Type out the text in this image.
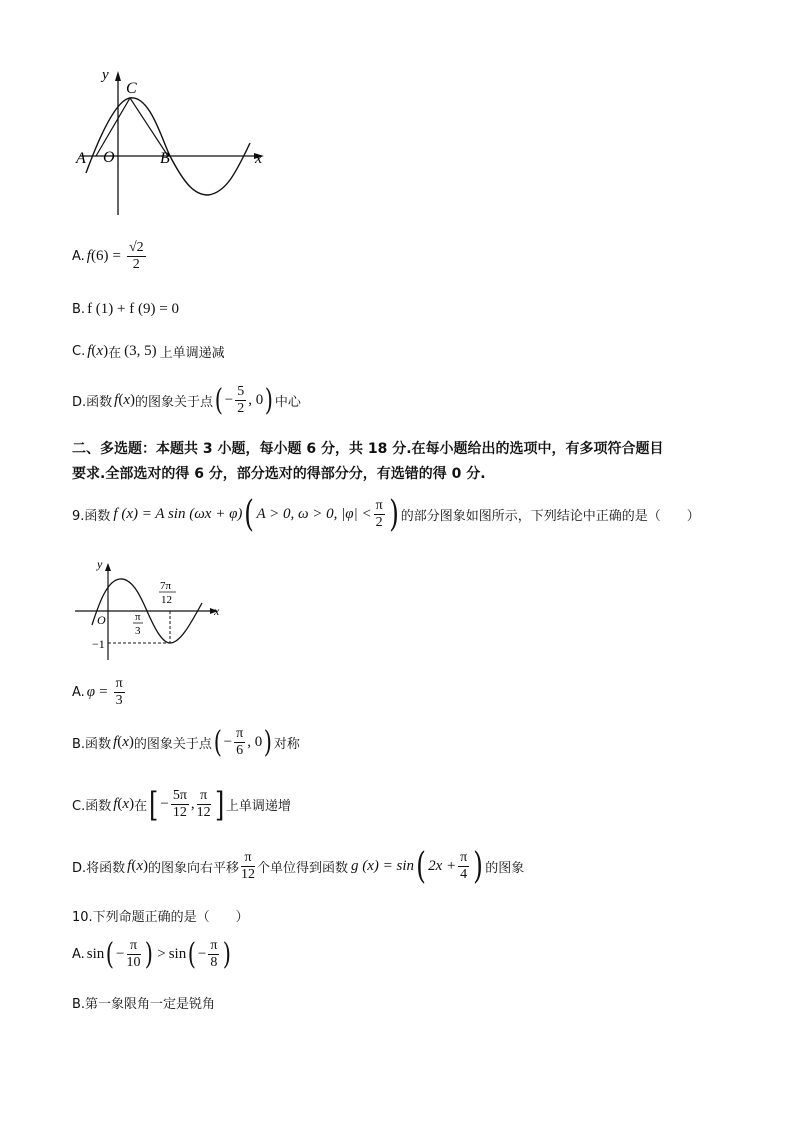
y
C
A O	B	x
A. f ( 6 ) = $\frac{√2}{2}$
B. f (1) + f (9) = 0
C. f ( x ) 在 (3, 5) 上单调递减
D.函数 f ( x ) 的图象关于点 ( − $\frac{5}{2}$ , 0 ) 中心
二、多选题：本题共 3 小题，每小题 6 分，共 18 分.在每小题给出的选项中，有多项符合题目
要求.全部选对的得 6 分，部分选对的得部分分，有选错的得 0 分.
9.函数 f (x) = A sin (ωx + φ) ( A > 0, ω > 0, $|\varphi| < \frac{\pi}{2}$ ) 的部分图象如图所示，下列结论中正确的是（　　）
y
x
O
−1
π
3
7π
12
A. $\varphi = \frac{\pi}{3}$
B.函数 f ( x ) 的图象关于点 ( − $\frac{\pi}{6}$ , 0 ) 对称
C.函数 f ( x ) 在 [ − $\frac{5\pi}{12}$ , $\frac{\pi}{12}$ ] 上单调递增
D.将函数 f ( x ) 的图象向右平移 $\frac{\pi}{12}$ 个单位得到函数 g (x) = sin ( $2x + \frac{\pi}{4}$ ) 的图象
10.下列命题正确的是（　　）
A. sin ( − $\frac{\pi}{10}$ ) > sin ( − $\frac{\pi}{8}$ )
B.第一象限角一定是锐角
